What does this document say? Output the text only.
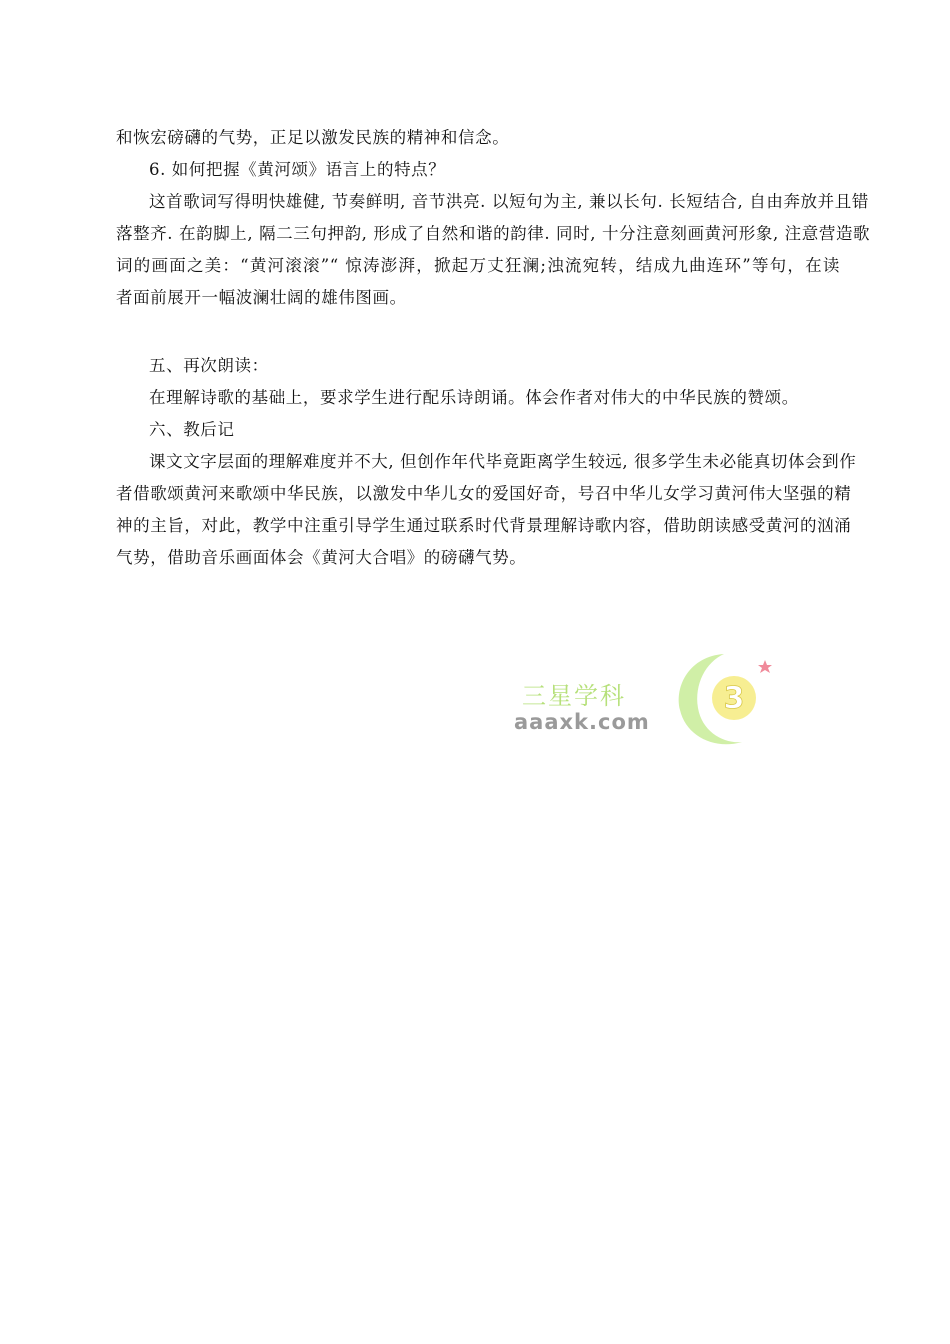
和恢宏磅礴的气势，正足以激发民族的精神和信念。

6. 如何把握《黄河颂》语言上的特点？

这首歌词写得明快雄健, 节奏鲜明, 音节洪亮. 以短句为主, 兼以长句. 长短结合, 自由奔放并且错
落整齐. 在韵脚上, 隔二三句押韵, 形成了自然和谐的韵律. 同时, 十分注意刻画黄河形象, 注意营造歌
词的画面之美：“黄河滚滚”“ 惊涛澎湃，掀起万丈狂澜;浊流宛转，结成九曲连环”等句，在读
者面前展开一幅波澜壮阔的雄伟图画。

五、再次朗读：

在理解诗歌的基础上，要求学生进行配乐诗朗诵。体会作者对伟大的中华民族的赞颂。

六、教后记

课文文字层面的理解难度并不大, 但创作年代毕竟距离学生较远, 很多学生未必能真切体会到作
者借歌颂黄河来歌颂中华民族，以激发中华儿女的爱国好奇，号召中华儿女学习黄河伟大坚强的精
神的主旨，对此，教学中注重引导学生通过联系时代背景理解诗歌内容，借助朗读感受黄河的汹涌
气势，借助音乐画面体会《黄河大合唱》的磅礴气势。

三星学科
aaaxk.com
3
